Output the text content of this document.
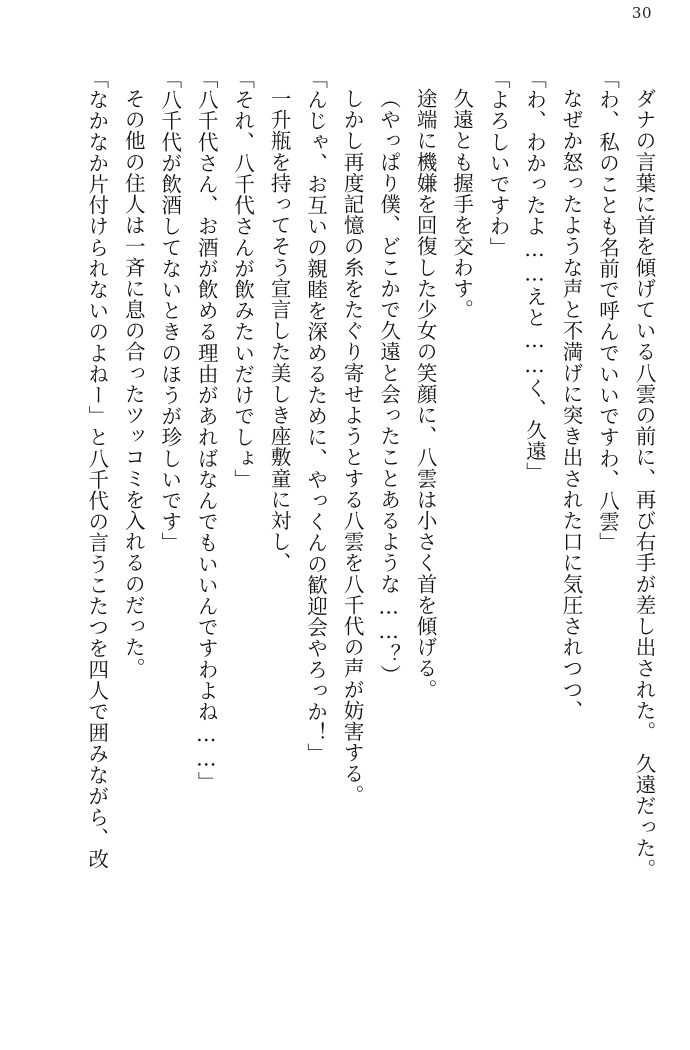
30

ダナの言葉に首を傾げている八雲の前に、再び右手が差し出された。　久遠だった。

「わ、私のことも名前で呼んでいいですわ、八雲」

なぜか怒ったような声と不満げに突き出された口に気圧されつつ、

「わ、わかったよ……えと……く、久遠」

「よろしいですわ」

久遠とも握手を交わす。

途端に機嫌を回復した少女の笑顔に、八雲は小さく首を傾げる。

（やっぱり僕、どこかで久遠と会ったことあるような……？）

しかし再度記憶の糸をたぐり寄せようとする八雲を八千代の声が妨害する。

「んじゃ、お互いの親睦を深めるために、やっくんの歓迎会やろっか！」

一升瓶を持ってそう宣言した美しき座敷童に対し、

「それ、八千代さんが飲みたいだけでしょ」

「八千代さん、お酒が飲める理由があればなんでもいいんですわよね……」

「八千代が飲酒してないときのほうが珍しいです」

その他の住人は一斉に息の合ったツッコミを入れるのだった。

「なかなか片付けられないのよねー」と八千代の言うこたつを四人で囲みながら、改
